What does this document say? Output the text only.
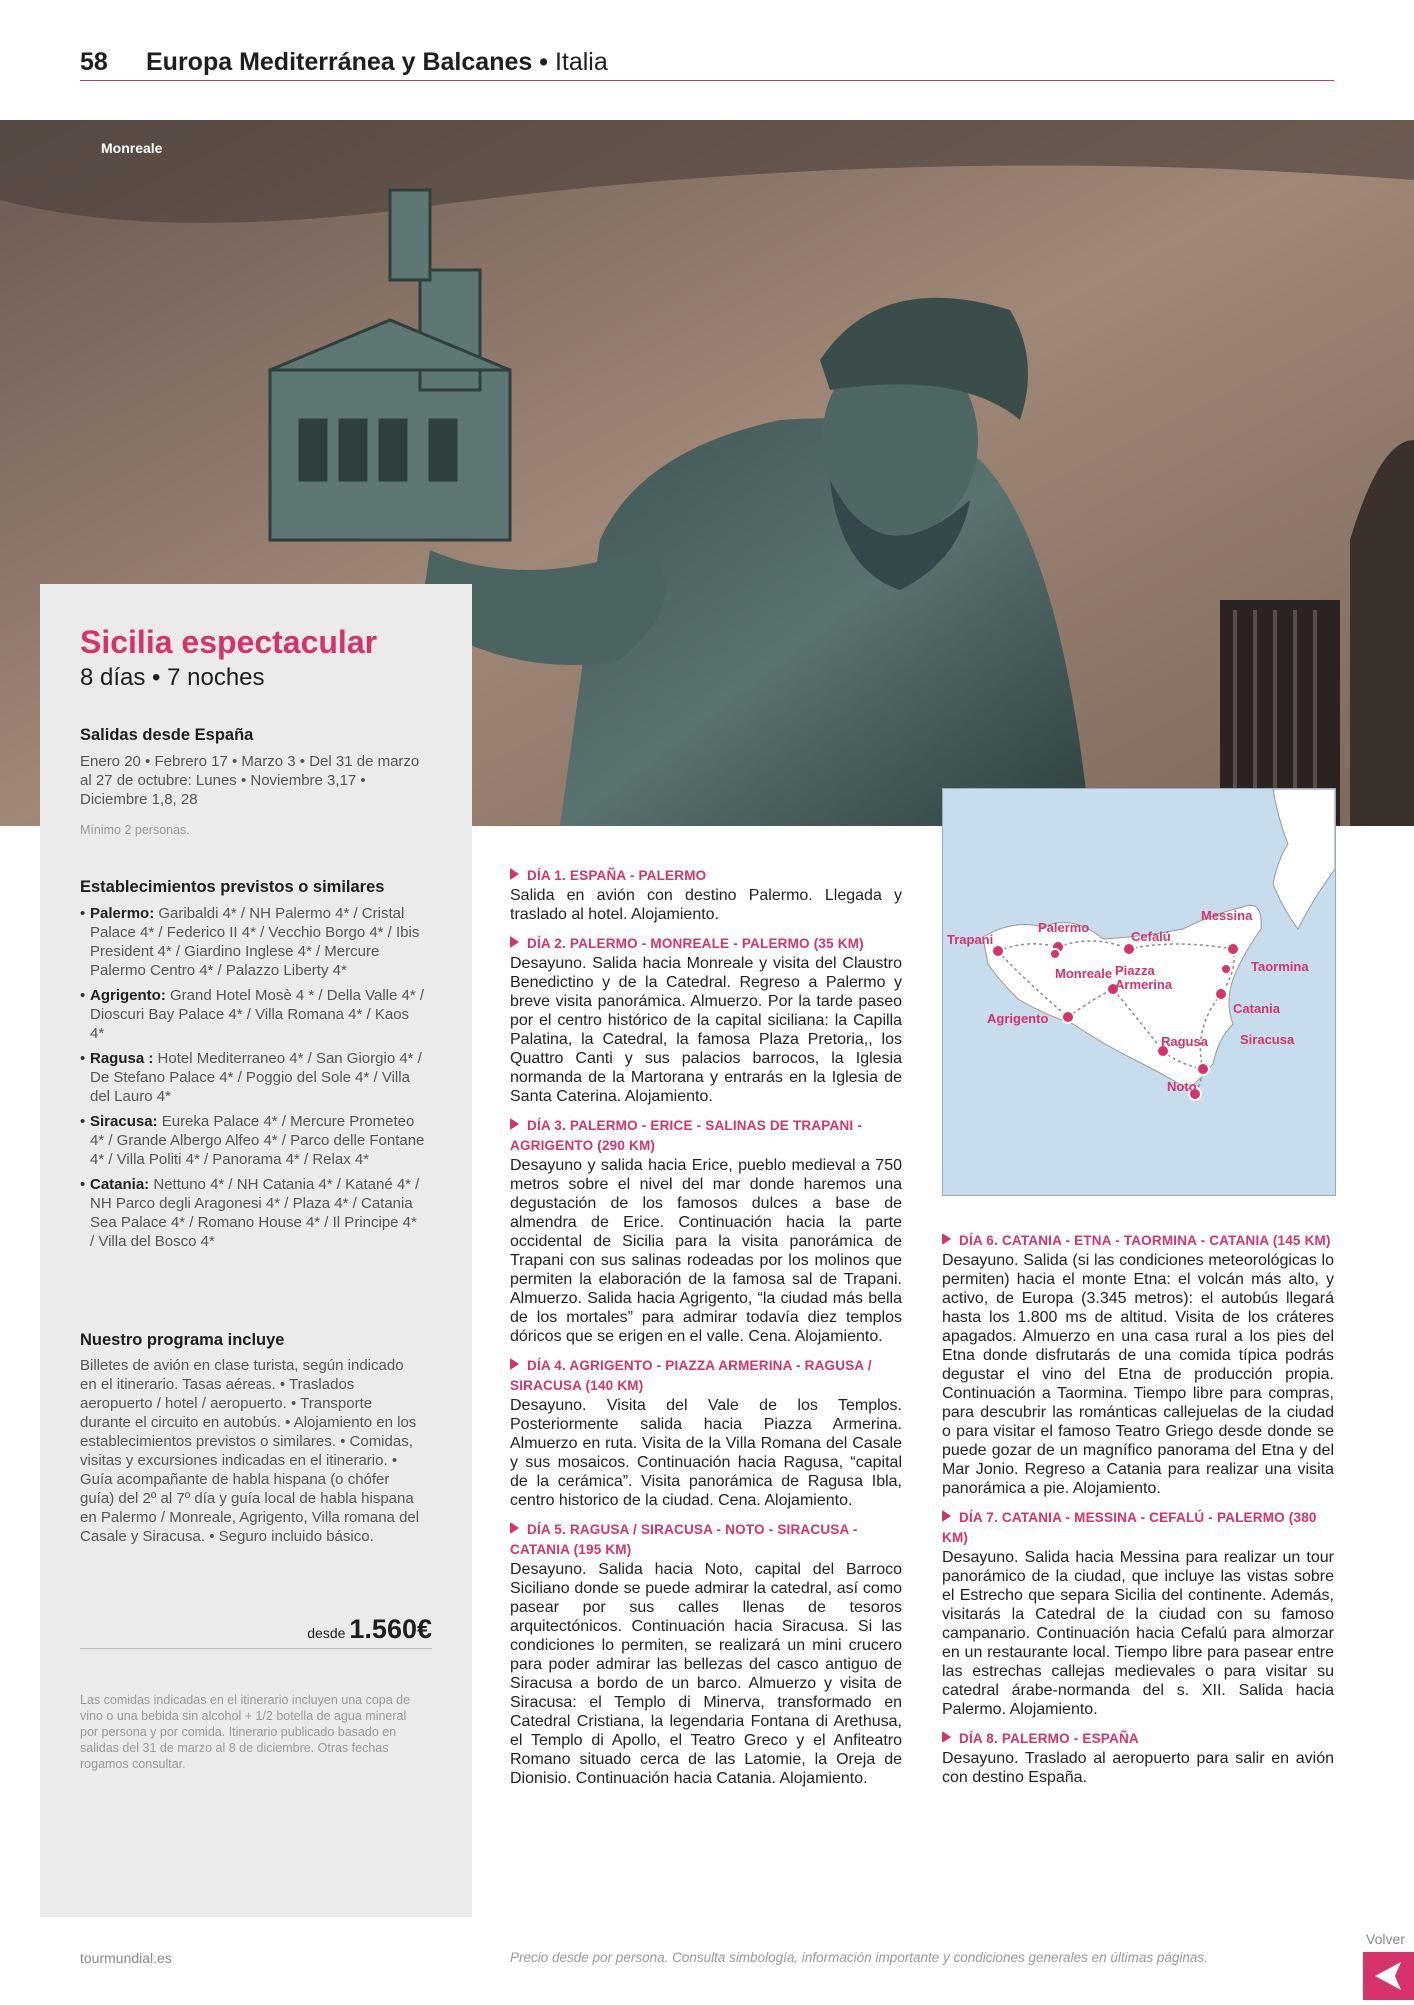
58 Europa Mediterránea y Balcanes • Italia
Monreale
Sicilia espectacular
8 días • 7 noches
Salidas desde España
Enero 20 • Febrero 17 • Marzo 3 • Del 31 de marzo al 27 de octubre: Lunes • Noviembre 3,17 • Diciembre 1,8, 28
Mínimo 2 personas.
Establecimientos previstos o similares
• Palermo: Garibaldi 4* / NH Palermo 4* / Cristal Palace 4* / Federico II 4* / Vecchio Borgo 4* / Ibis President 4* / Giardino Inglese 4* / Mercure Palermo Centro 4* / Palazzo Liberty 4*
• Agrigento: Grand Hotel Mosè 4 * / Della Valle 4* / Dioscuri Bay Palace 4* / Villa Romana 4* / Kaos 4*
• Ragusa : Hotel Mediterraneo 4* / San Giorgio 4* / De Stefano Palace 4* / Poggio del Sole 4* / Villa del Lauro 4*
• Siracusa: Eureka Palace 4* / Mercure Prometeo 4* / Grande Albergo Alfeo 4* / Parco delle Fontane 4* / Villa Politi 4* / Panorama 4* / Relax 4*
• Catania: Nettuno 4* / NH Catania 4* / Katané 4* / NH Parco degli Aragonesi 4* / Plaza 4* / Catania Sea Palace 4* / Romano House 4* / Il Principe 4* / Villa del Bosco 4*
Nuestro programa incluye
Billetes de avión en clase turista, según indicado en el itinerario. Tasas aéreas. • Traslados aeropuerto / hotel / aeropuerto. • Transporte durante el circuito en autobús. • Alojamiento en los establecimientos previstos o similares. • Comidas, visitas y excursiones indicadas en el itinerario. • Guía acompañante de habla hispana (o chófer guía) del 2º al 7º día y guía local de habla hispana en Palermo / Monreale, Agrigento, Villa romana del Casale y Siracusa. • Seguro incluido básico.
desde 1.560€
Las comidas indicadas en el itinerario incluyen una copa de vino o una bebida sin alcohol + 1/2 botella de agua mineral por persona y por comida. Itinerario publicado basado en salidas del 31 de marzo al 8 de diciembre. Otras fechas rogamos consultar.
DÍA 1. ESPAÑA - PALERMO
Salida en avión con destino Palermo. Llegada y traslado al hotel. Alojamiento.
DÍA 2. PALERMO - MONREALE - PALERMO (35 KM)
Desayuno. Salida hacia Monreale y visita del Claustro Benedictino y de la Catedral. Regreso a Palermo y breve visita panorámica. Almuerzo. Por la tarde paseo por el centro histórico de la capital siciliana: la Capilla Palatina, la Catedral, la famosa Plaza Pretoria,, los Quattro Canti y sus palacios barrocos, la Iglesia normanda de la Martorana y entrarás en la Iglesia de Santa Caterina. Alojamiento.
DÍA 3. PALERMO - ERICE - SALINAS DE TRAPANI - AGRIGENTO (290 KM)
Desayuno y salida hacia Erice, pueblo medieval a 750 metros sobre el nivel del mar donde haremos una degustación de los famosos dulces a base de almendra de Erice. Continuación hacia la parte occidental de Sicilia para la visita panorámica de Trapani con sus salinas rodeadas por los molinos que permiten la elaboración de la famosa sal de Trapani. Almuerzo. Salida hacia Agrigento, “la ciudad más bella de los mortales” para admirar todavía diez templos dóricos que se erigen en el valle. Cena. Alojamiento.
DÍA 4. AGRIGENTO - PIAZZA ARMERINA - RAGUSA / SIRACUSA (140 KM)
Desayuno. Visita del Vale de los Templos. Posteriormente salida hacia Piazza Armerina. Almuerzo en ruta. Visita de la Villa Romana del Casale y sus mosaicos. Continuación hacia Ragusa, “capital de la cerámica”. Visita panorámica de Ragusa Ibla, centro historico de la ciudad. Cena. Alojamiento.
DÍA 5. RAGUSA / SIRACUSA - NOTO - SIRACUSA - CATANIA (195 KM)
Desayuno. Salida hacia Noto, capital del Barroco Siciliano donde se puede admirar la catedral, así como pasear por sus calles llenas de tesoros arquitectónicos. Continuación hacia Siracusa. Si las condiciones lo permiten, se realizará un mini crucero para poder admirar las bellezas del casco antiguo de Siracusa a bordo de un barco. Almuerzo y visita de Siracusa: el Templo di Minerva, transformado en Catedral Cristiana, la legendaria Fontana di Arethusa, el Templo di Apollo, el Teatro Greco y el Anfiteatro Romano situado cerca de las Latomie, la Oreja de Dionisio. Continuación hacia Catania. Alojamiento.
Trapani
Palermo
Cefalú
Messina
Monreale Piazza
Armerina
Taormina
Agrigento
Catania
Ragusa Siracusa
Noto
DÍA 6. CATANIA - ETNA - TAORMINA - CATANIA (145 KM)
Desayuno. Salida (si las condiciones meteorológicas lo permiten) hacia el monte Etna: el volcán más alto, y activo, de Europa (3.345 metros): el autobús llegará hasta los 1.800 ms de altitud. Visita de los cráteres apagados. Almuerzo en una casa rural a los pies del Etna donde disfrutarás de una comida típica podrás degustar el vino del Etna de producción propia. Continuación a Taormina. Tiempo libre para compras, para descubrir las románticas callejuelas de la ciudad o para visitar el famoso Teatro Griego desde donde se puede gozar de un magnífico panorama del Etna y del Mar Jonio. Regreso a Catania para realizar una visita panorámica a pie. Alojamiento.
DÍA 7. CATANIA - MESSINA - CEFALÚ - PALERMO (380 KM)
Desayuno. Salida hacia Messina para realizar un tour panorámico de la ciudad, que incluye las vistas sobre el Estrecho que separa Sicilia del continente. Además, visitarás la Catedral de la ciudad con su famoso campanario. Continuación hacia Cefalú para almorzar en un restaurante local. Tiempo libre para pasear entre las estrechas callejas medievales o para visitar su catedral árabe-normanda del s. XII. Salida hacia Palermo. Alojamiento.
DÍA 8. PALERMO - ESPAÑA
Desayuno. Traslado al aeropuerto para salir en avión con destino España.
tourmundial.es	Precio desde por persona. Consulta simbología, información importante y condiciones generales en últimas páginas.
Volver
